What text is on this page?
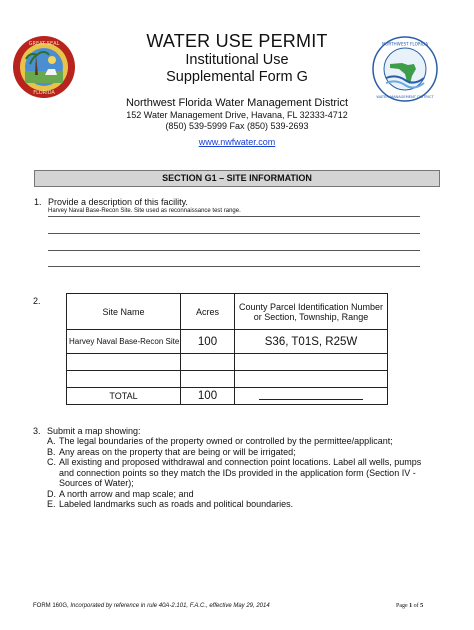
GREAT SEAL
FLORIDA
NORTHWEST FLORIDA
WATER MANAGEMENT DISTRICT
WATER USE PERMIT
Institutional Use
Supplemental Form G
Northwest Florida Water Management District
152 Water Management Drive, Havana, FL 32333-4712
(850) 539-5999 Fax (850) 539-2693
www.nwfwater.com
SECTION G1 – SITE INFORMATION
1. Provide a description of this facility.
Harvey Naval Base-Recon Site. Site used as reconnaissance test range.
2.
Site Name	Acres	County Parcel Identification Number or Section, Township, Range
Harvey Naval Base-Recon Site	100	S36, T01S, R25W

TOTAL	100	
3. Submit a map showing:
A. The legal boundaries of the property owned or controlled by the permittee/applicant;
B. Any areas on the property that are being or will be irrigated;
C. All existing and proposed withdrawal and connection point locations. Label all wells, pumps and connection points so they match the IDs provided in the application form (Section IV - Sources of Water);
D. A north arrow and map scale; and
E. Labeled landmarks such as roads and political boundaries.
FORM 160G, Incorporated by reference in rule 40A-2.101, F.A.C., effective May 29, 2014	Page 1 of 5
